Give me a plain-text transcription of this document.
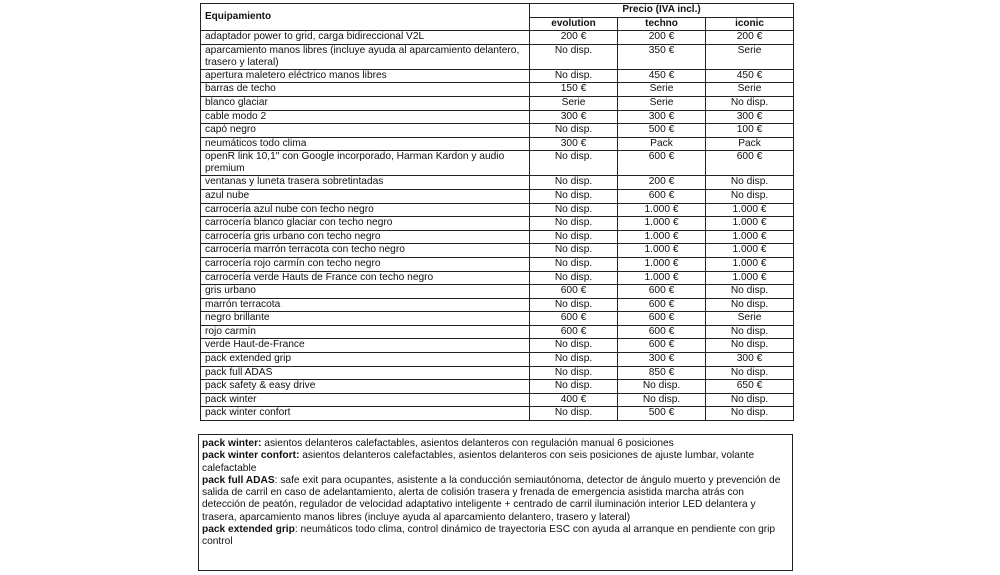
Equipamiento	Precio (IVA incl.)		
	evolution	techno	iconic
adaptador power to grid, carga bidireccional V2L	200 €	200 €	200 €
aparcamiento manos libres (incluye ayuda al aparcamiento delantero, trasero y lateral)	No disp.	350 €	Serie
apertura maletero eléctrico manos libres	No disp.	450 €	450 €
barras de techo	150 €	Serie	Serie
blanco glaciar	Serie	Serie	No disp.
cable modo 2	300 €	300 €	300 €
capó negro	No disp.	500 €	100 €
neumáticos todo clima	300 €	Pack	Pack
openR link 10,1" con Google incorporado, Harman Kardon y audio premium	No disp.	600 €	600 €
ventanas y luneta trasera sobretintadas	No disp.	200 €	No disp.
azul nube	No disp.	600 €	No disp.
carrocería azul nube con techo negro	No disp.	1.000 €	1.000 €
carrocería blanco glaciar con techo negro	No disp.	1.000 €	1.000 €
carrocería gris urbano con techo negro	No disp.	1.000 €	1.000 €
carrocería marrón terracota con techo negro	No disp.	1.000 €	1.000 €
carrocería rojo carmín con techo negro	No disp.	1.000 €	1.000 €
carrocería verde Hauts de France con techo negro	No disp.	1.000 €	1.000 €
gris urbano	600 €	600 €	No disp.
marrón terracota	No disp.	600 €	No disp.
negro brillante	600 €	600 €	Serie
rojo carmín	600 €	600 €	No disp.
verde Haut-de-France	No disp.	600 €	No disp.
pack extended grip	No disp.	300 €	300 €
pack full ADAS	No disp.	850 €	No disp.
pack safety & easy drive	No disp.	No disp.	650 €
pack winter	400 €	No disp.	No disp.
pack winter confort	No disp.	500 €	No disp.
pack winter: asientos delanteros calefactables, asientos delanteros con regulación manual 6 posiciones
pack winter confort: asientos delanteros calefactables, asientos delanteros con seis posiciones de ajuste lumbar, volante calefactable
pack full ADAS: safe exit para ocupantes, asistente a la conducción semiautónoma, detector de ángulo muerto y prevención de salida de carril en caso de adelantamiento, alerta de colisión trasera y frenada de emergencia asistida marcha atrás con detección de peatón, regulador de velocidad adaptativo inteligente + centrado de carril iluminación interior LED delantera y trasera, aparcamiento manos libres (incluye ayuda al aparcamiento delantero, trasero y lateral)
pack extended grip: neumáticos todo clima, control dinámico de trayectoria ESC con ayuda al arranque en pendiente con grip control
